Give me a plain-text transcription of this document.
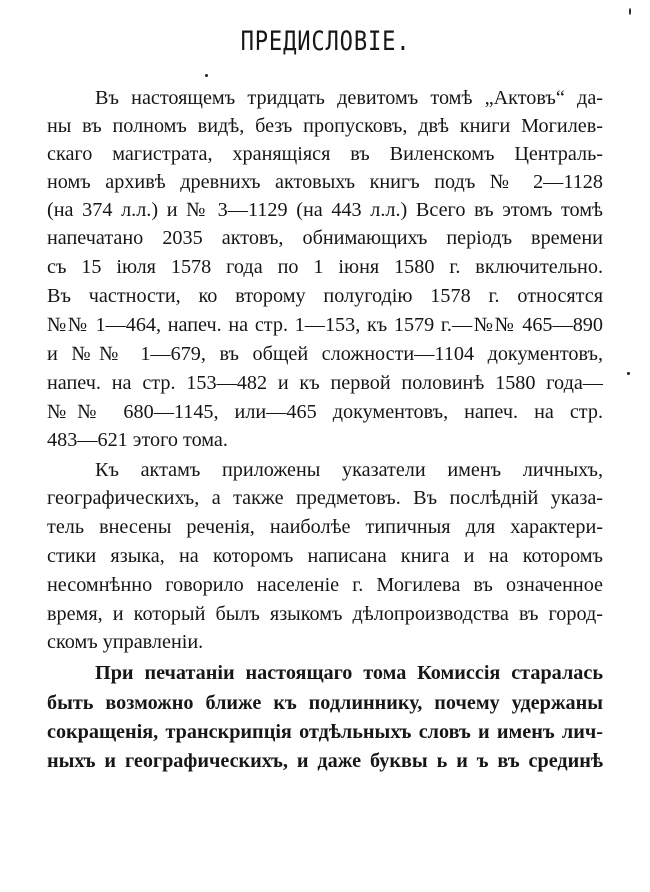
ПРЕДИСЛОВІЕ.
Въ настоящемъ тридцать девитомъ томѣ „Актовъ“ да-
ны въ полномъ видѣ, безъ пропусковъ, двѣ книги Могилев-
скаго магистрата, хранящіяся въ Виленскомъ Централь-
номъ архивѣ древнихъ актовыхъ книгъ подъ № 2—1128
(на 374 л.л.) и № 3—1129 (на 443 л.л.) Всего въ этомъ томѣ
напечатано 2035 актовъ, обнимающихъ періодъ времени
съ 15 іюля 1578 года по 1 іюня 1580 г. включительно.
Въ частности, ко второму полугодію 1578 г. относятся
№№ 1—464, напеч. на стр. 1—153, къ 1579 г.—№№ 465—890
и №№ 1—679, въ общей сложности—1104 документовъ,
напеч. на стр. 153—482 и къ первой половинѣ 1580 года—
№№ 680—1145, или—465 документовъ, напеч. на стр.
483—621 этого тома.
Къ актамъ приложены указатели именъ личныхъ,
географическихъ, а также предметовъ. Въ послѣдній указа-
тель внесены реченія, наиболѣе типичныя для характери-
стики языка, на которомъ написана книга и на которомъ
несомнѣнно говорило населеніе г. Могилева въ означенное
время, и который былъ языкомъ дѣлопроизводства въ город-
скомъ управленіи.
При печатаніи настоящаго тома Комиссія старалась
быть возможно ближе къ подлиннику, почему удержаны
сокращенія, транскрипція отдѣльныхъ словъ и именъ лич-
ныхъ и географическихъ, и даже буквы ь и ъ въ срединѣ
